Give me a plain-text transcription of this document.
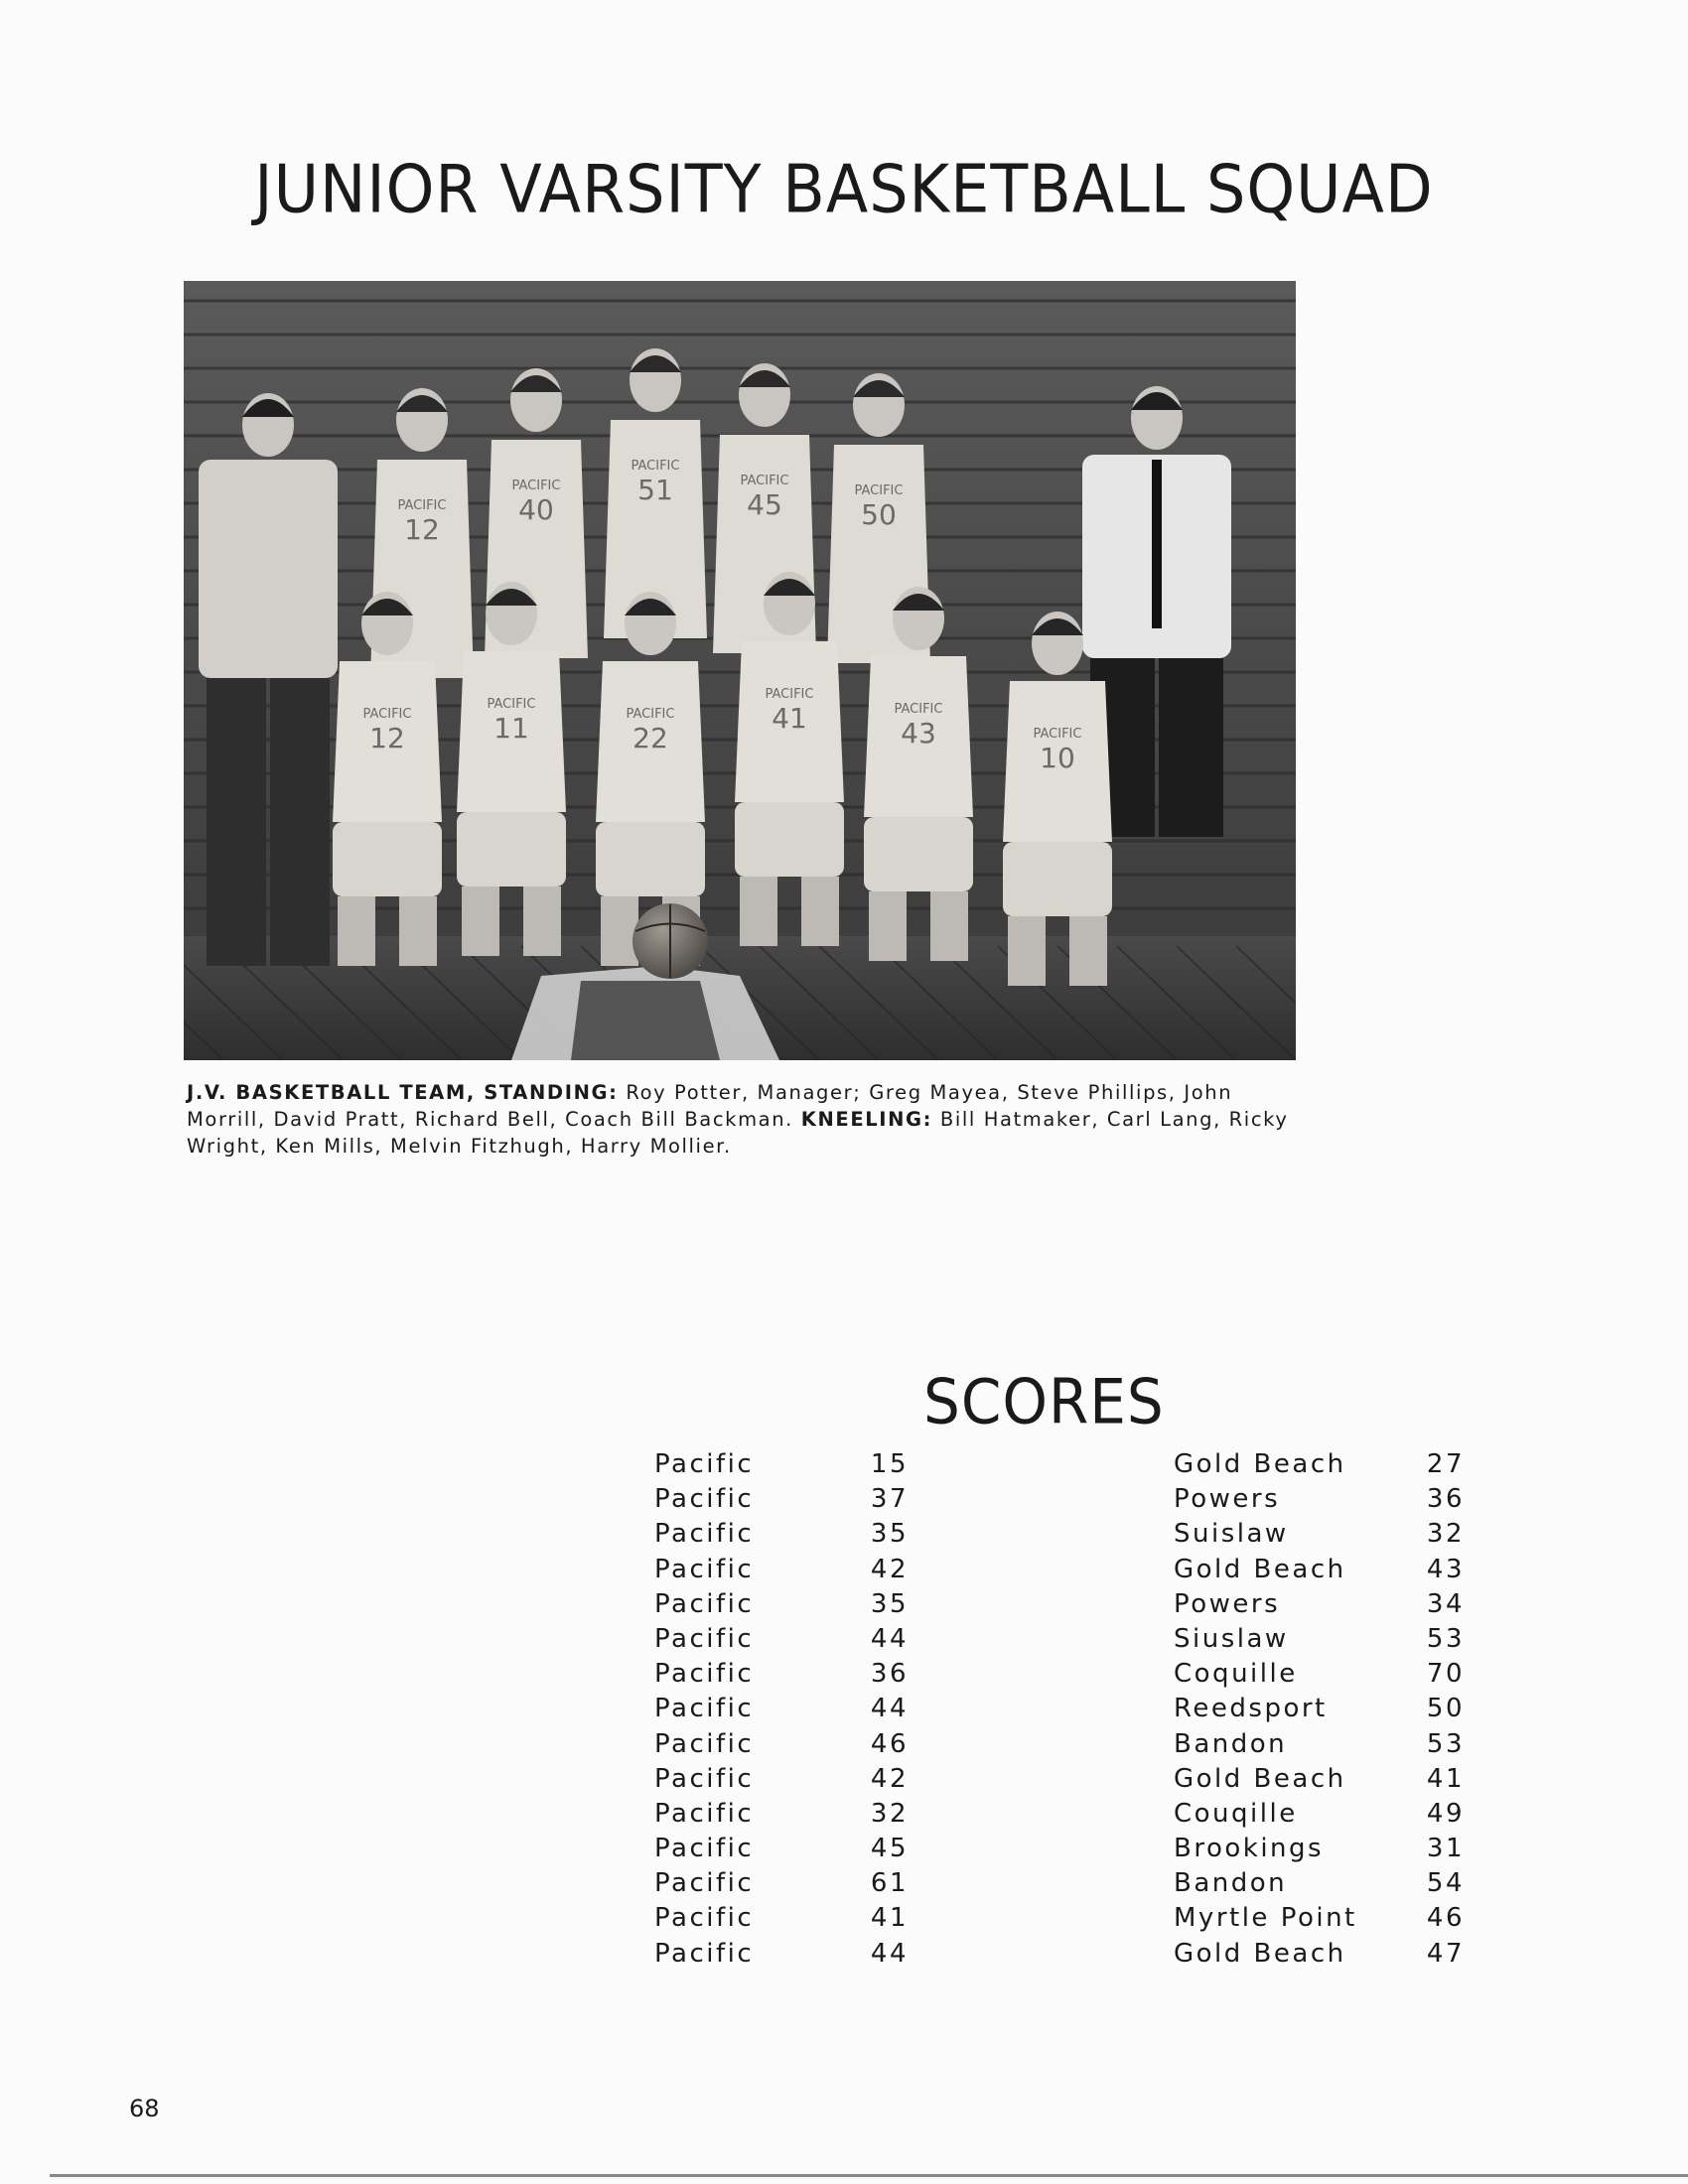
JUNIOR VARSITY BASKETBALL SQUAD
PACIFIC
12
PACIFIC
40
PACIFIC
51	PACIFIC
45	PACIFIC
50
PACIFIC
12
PACIFIC
11	PACIFIC
22
PACIFIC
41	PACIFIC
43	PACIFIC
10

J.V. BASKETBALL TEAM, STANDING: Roy Potter, Manager; Greg Mayea, Steve Phillips, John Morrill, David Pratt, Richard Bell, Coach Bill Backman. KNEELING: Bill Hatmaker, Carl Lang, Ricky Wright, Ken Mills, Melvin Fitzhugh, Harry Mollier.

SCORES
Pacific	15	Gold Beach	27
Pacific	37	Powers	36
Pacific	35	Suislaw	32
Pacific	42	Gold Beach	43
Pacific	35	Powers	34
Pacific	44	Siuslaw	53
Pacific	36	Coquille	70
Pacific	44	Reedsport	50
Pacific	46	Bandon	53
Pacific	42	Gold Beach	41
Pacific	32	Couqille	49
Pacific	45	Brookings	31
Pacific	61	Bandon	54
Pacific	41	Myrtle Point	46
Pacific	44	Gold Beach	47
68
